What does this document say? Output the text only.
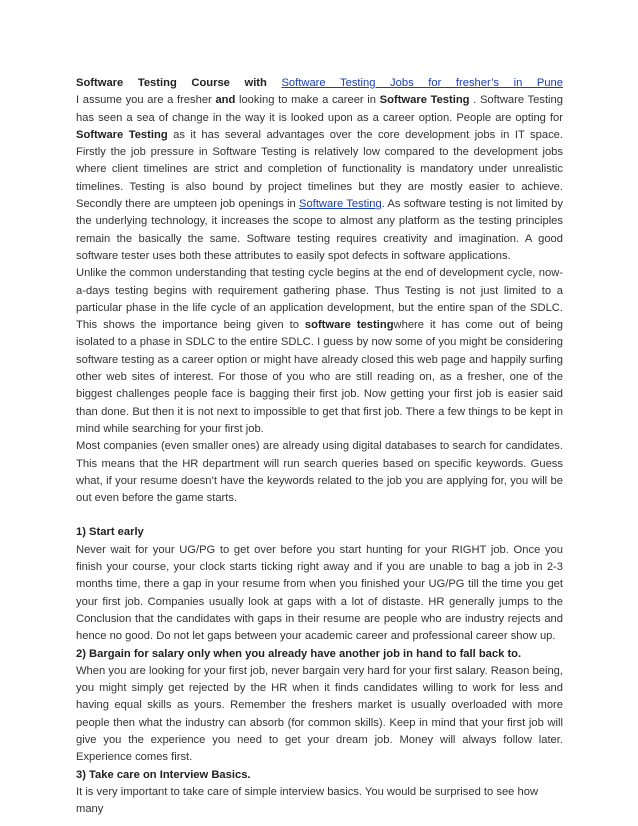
Software Testing Course with Software Testing Jobs for fresher’s in Pune

I assume you are a fresher and looking to make a career in Software Testing . Software Testing has seen a sea of change in the way it is looked upon as a career option. People are opting for Software Testing as it has several advantages over the core development jobs in IT space. Firstly the job pressure in Software Testing is relatively low compared to the development jobs where client timelines are strict and completion of functionality is mandatory under unrealistic timelines. Testing is also bound by project timelines but they are mostly easier to achieve. Secondly there are umpteen job openings in Software Testing. As software testing is not limited by the underlying technology, it increases the scope to almost any platform as the testing principles remain the basically the same. Software testing requires creativity and imagination. A good software tester uses both these attributes to easily spot defects in software applications.

Unlike the common understanding that testing cycle begins at the end of development cycle, now-a-days testing begins with requirement gathering phase. Thus Testing is not just limited to a particular phase in the life cycle of an application development, but the entire span of the SDLC. This shows the importance being given to software testingwhere it has come out of being isolated to a phase in SDLC to the entire SDLC. I guess by now some of you might be considering software testing as a career option or might have already closed this web page and happily surfing other web sites of interest. For those of you who are still reading on, as a fresher, one of the biggest challenges people face is bagging their first job. Now getting your first job is easier said than done. But then it is not next to impossible to get that first job. There a few things to be kept in mind while searching for your first job.

Most companies (even smaller ones) are already using digital databases to search for candidates. This means that the HR department will run search queries based on specific keywords. Guess what, if your resume doesn’t have the keywords related to the job you are applying for, you will be out even before the game starts.

1) Start early

Never wait for your UG/PG to get over before you start hunting for your RIGHT job. Once you finish your course, your clock starts ticking right away and if you are unable to bag a job in 2-3 months time, there a gap in your resume from when you finished your UG/PG till the time you get your first job. Companies usually look at gaps with a lot of distaste. HR generally jumps to the Conclusion that the candidates with gaps in their resume are people who are industry rejects and hence no good. Do not let gaps between your academic career and professional career show up.

2) Bargain for salary only when you already have another job in hand to fall back to.

When you are looking for your first job, never bargain very hard for your first salary. Reason being, you might simply get rejected by the HR when it finds candidates willing to work for less and having equal skills as yours. Remember the freshers market is usually overloaded with more people then what the industry can absorb (for common skills). Keep in mind that your first job will give you the experience you need to get your dream job. Money will always follow later. Experience comes first.

3) Take care on Interview Basics.

It is very important to take care of simple interview basics. You would be surprised to see how many
